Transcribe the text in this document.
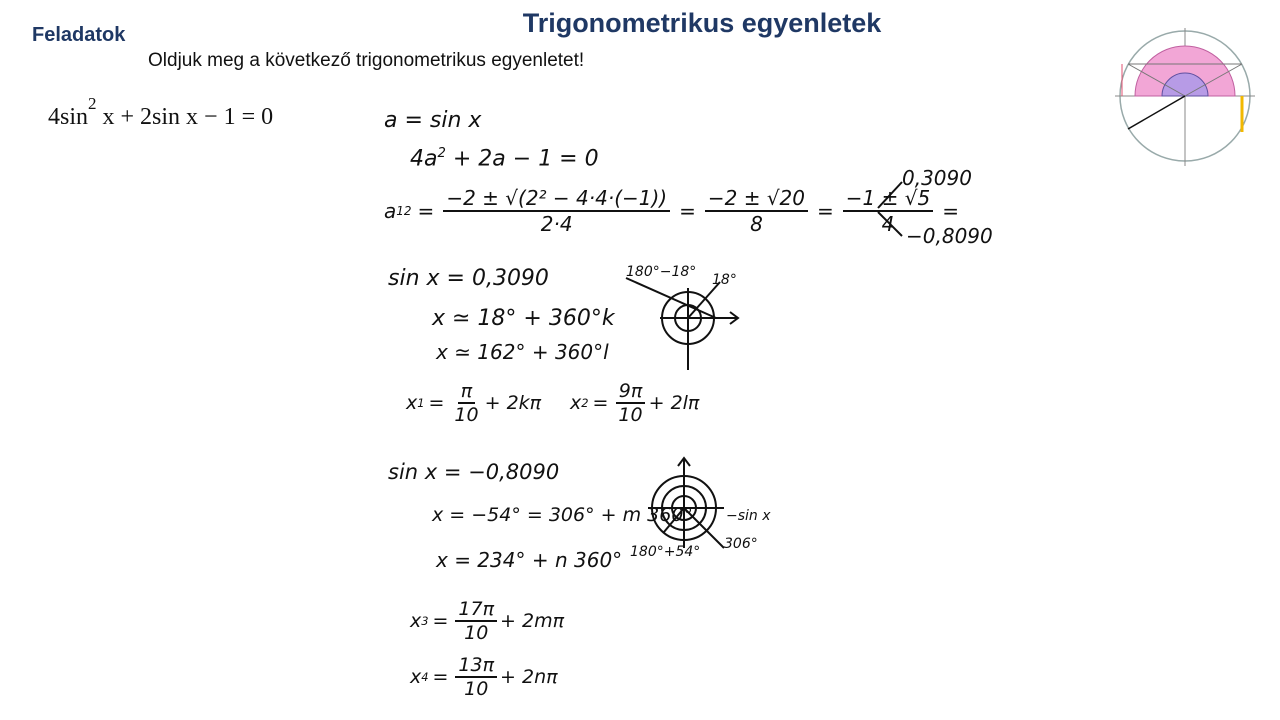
Feladatok	Trigonometrikus egyenletek
Oldjuk meg a következő trigonometrikus egyenletet!
$4\sin^2$ x + 2sin x − 1 = 0	a = sin x
$4a^2 + 2a - 1 = 0$
a $12 = \frac{\text{−2 ± √(2² − 4·4·(−1))}}{2\cdot 4} = \frac{-2 \pm √20}{8} = \frac{-1 \pm √5}{4}$ =
0,3090
−0,8090
sin x = 0,3090
x ≃ 18° + 360°k
x ≃ 162° + 360°l
x $1 = \frac{\pi}{10} + 2k\pi$ x $2 = \frac{9\pi}{10} + 2l\pi$
180°−18° 18°
sin x = −0,8090
x = −54° = 306° + m 360°
x = 234° + n 360°
x $3 = \frac{17\pi}{10} + 2m\pi$
x $4 = \frac{13\pi}{10} + 2n\pi$
−sin x
306°
180°+54°
